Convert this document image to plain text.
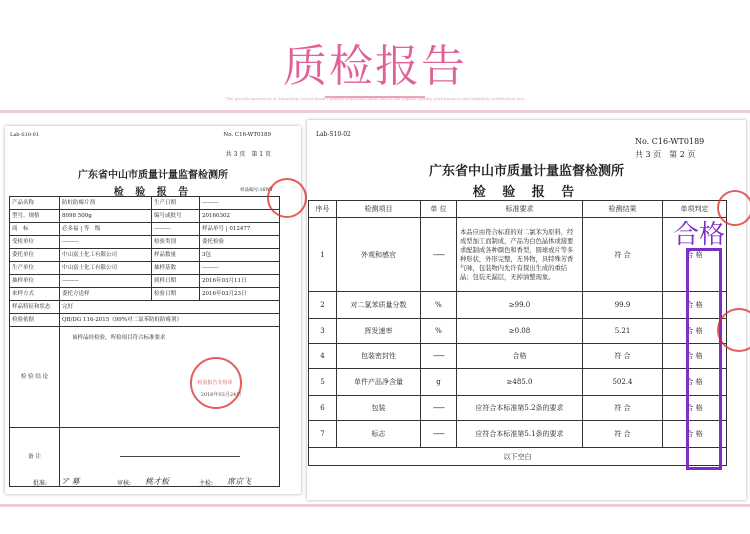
质检报告
The growth movement of Shandong Cereal Kesili's quality inspection fields and as the highest quality, performance and reliability certification test
Lab-S10-01	No. C16-WT0189
共 3 页　第 1 页
广东省中山市质量计量监督检测所
检 验 报 告	样品编号:16WT
产品名称	防蛀防霉片剂	生产日期	---------
型号、规格	8098 500g	编号或批号	20160302
商　标	必多福 | 等　级	---------	样品单号 | 012477
受检单位	---------	检验类别	委托检验
委托单位	中山富士化工有限公司	样品数量	3包
生产单位	中山富士化工有限公司	抽样基数	---------
抽样单位	---------	到样日期	2016年03月11日
来样方式	委托方送样	检验日期	2016年03月23日
样品特征和状态	完好		
检验依据	QB/DG 116-2015《99%对二氯苯防蛀防霉剂》		
检 验 结 论	该样品经检验，所检项目符合标准要求
检验报告专用章
2016年03月24日		

备 注			
批准: ア 募	审核: 桃才板	主检: 席京飞
Lab-S10-02
No. C16-WT0189
共 3 页　第 2 页
广东省中山市质量计量监督检测所
检 验 报 告
序号	检测项目	单 位	标准要求	检测结果	单项判定
1	外观和感官	--------	本品应由符合标准的对二氯苯为原料，经成型加工而制成，产品为白色晶体或接要求配制成各种颜色和香型，圆球或片等多种形状，外形完整，无异物，具特殊芳香气味，包装物内允许有探出生成的重结晶；包装无漏层，无掉油整现象。	符 合	合 格
2	对二氯苯质量分数	%	≥99.0	99.9	合 格
3	挥发速率	%	≥0.08	5.21	合 格
4	包装密封性	--------	合格	符 合	合 格
5	单件产品净含量	g	≥485.0	502.4	合 格
6	包装	--------	应符合本标准第5.2条的要求	符 合	合 格
7	标志	--------	应符合本标准第5.1条的要求	符 合	合 格
以下空白					
合格
